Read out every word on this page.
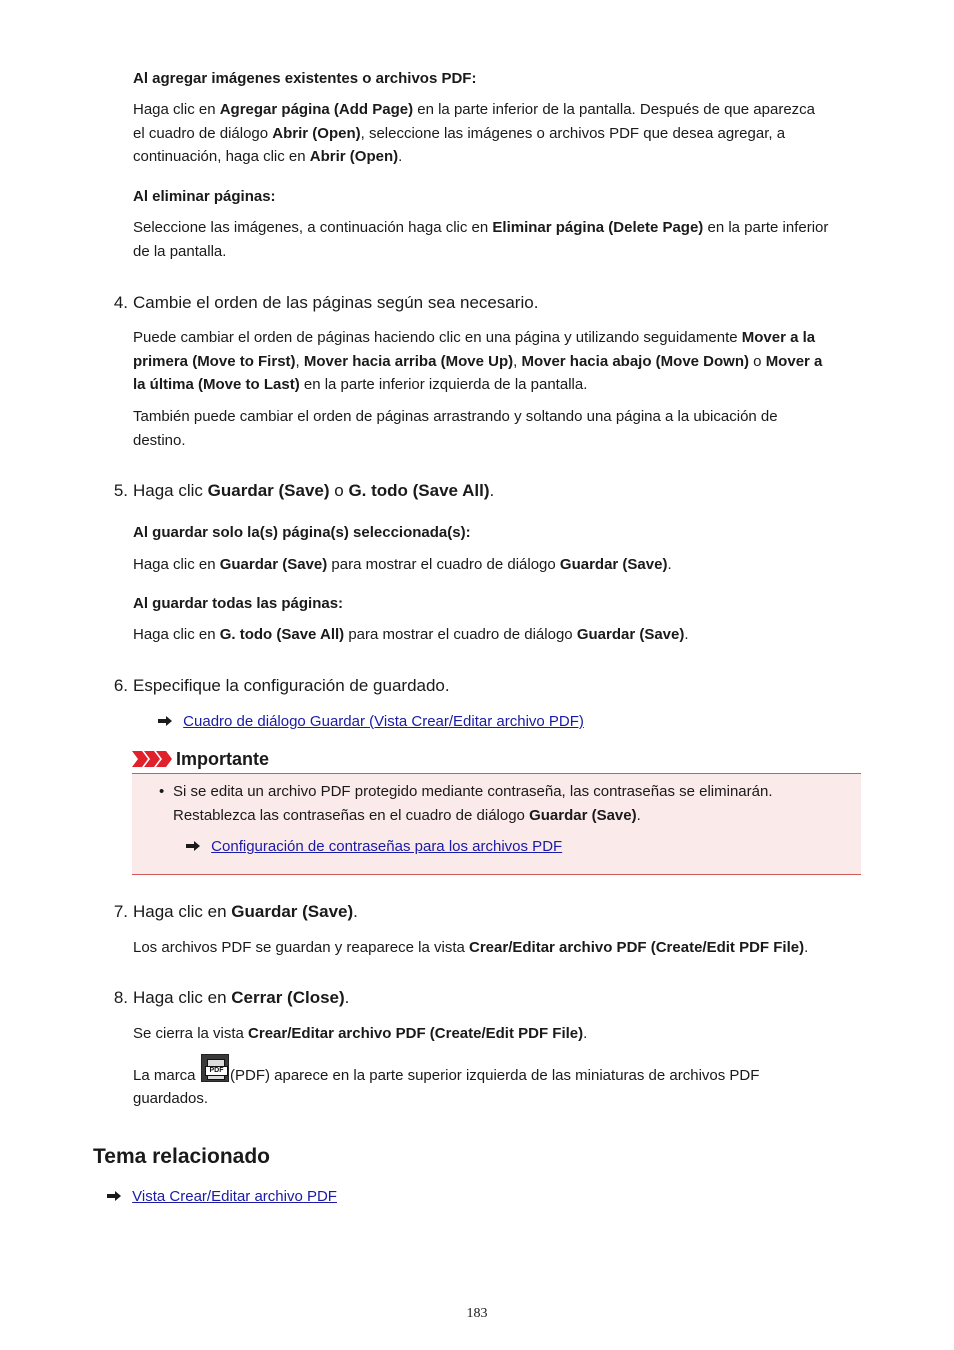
Al agregar imágenes existentes o archivos PDF:
Haga clic en Agregar página (Add Page) en la parte inferior de la pantalla. Después de que aparezca
el cuadro de diálogo Abrir (Open), seleccione las imágenes o archivos PDF que desea agregar, a
continuación, haga clic en Abrir (Open).
Al eliminar páginas:
Seleccione las imágenes, a continuación haga clic en Eliminar página (Delete Page) en la parte inferior
de la pantalla.
4. Cambie el orden de las páginas según sea necesario.
Puede cambiar el orden de páginas haciendo clic en una página y utilizando seguidamente Mover a la
primera (Move to First), Mover hacia arriba (Move Up), Mover hacia abajo (Move Down) o Mover a
la última (Move to Last) en la parte inferior izquierda de la pantalla.
También puede cambiar el orden de páginas arrastrando y soltando una página a la ubicación de
destino.
5. Haga clic Guardar (Save) o G. todo (Save All).
Al guardar solo la(s) página(s) seleccionada(s):
Haga clic en Guardar (Save) para mostrar el cuadro de diálogo Guardar (Save).
Al guardar todas las páginas:
Haga clic en G. todo (Save All) para mostrar el cuadro de diálogo Guardar (Save).
6. Especifique la configuración de guardado.
Cuadro de diálogo Guardar (Vista Crear/Editar archivo PDF)
Importante
• Si se edita un archivo PDF protegido mediante contraseña, las contraseñas se eliminarán.
Restablezca las contraseñas en el cuadro de diálogo Guardar (Save).
Configuración de contraseñas para los archivos PDF
7. Haga clic en Guardar (Save).
Los archivos PDF se guardan y reaparece la vista Crear/Editar archivo PDF (Create/Edit PDF File).
8. Haga clic en Cerrar (Close).
Se cierra la vista Crear/Editar archivo PDF (Create/Edit PDF File).
La marca	PDF (PDF) aparece en la parte superior izquierda de las miniaturas de archivos PDF
guardados.
Tema relacionado
Vista Crear/Editar archivo PDF
183
